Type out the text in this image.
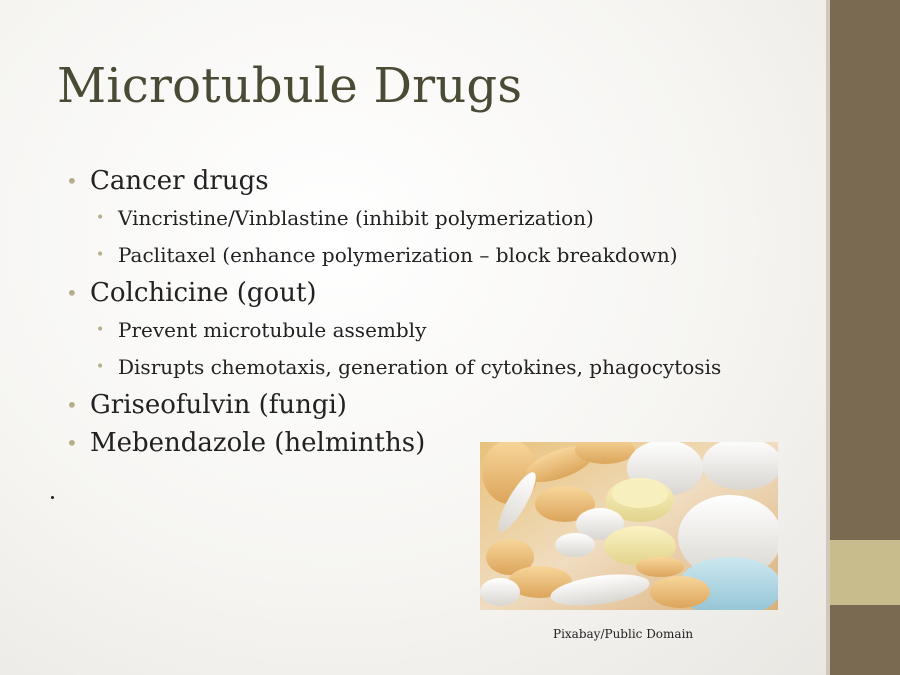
Microtubule Drugs
• Cancer drugs
• Vincristine/Vinblastine (inhibit polymerization)
• Paclitaxel (enhance polymerization – block breakdown)
• Colchicine (gout)
• Prevent microtubule assembly
• Disrupts chemotaxis, generation of cytokines, phagocytosis
• Griseofulvin (fungi)
• Mebendazole (helminths)
Pixabay/Public Domain
